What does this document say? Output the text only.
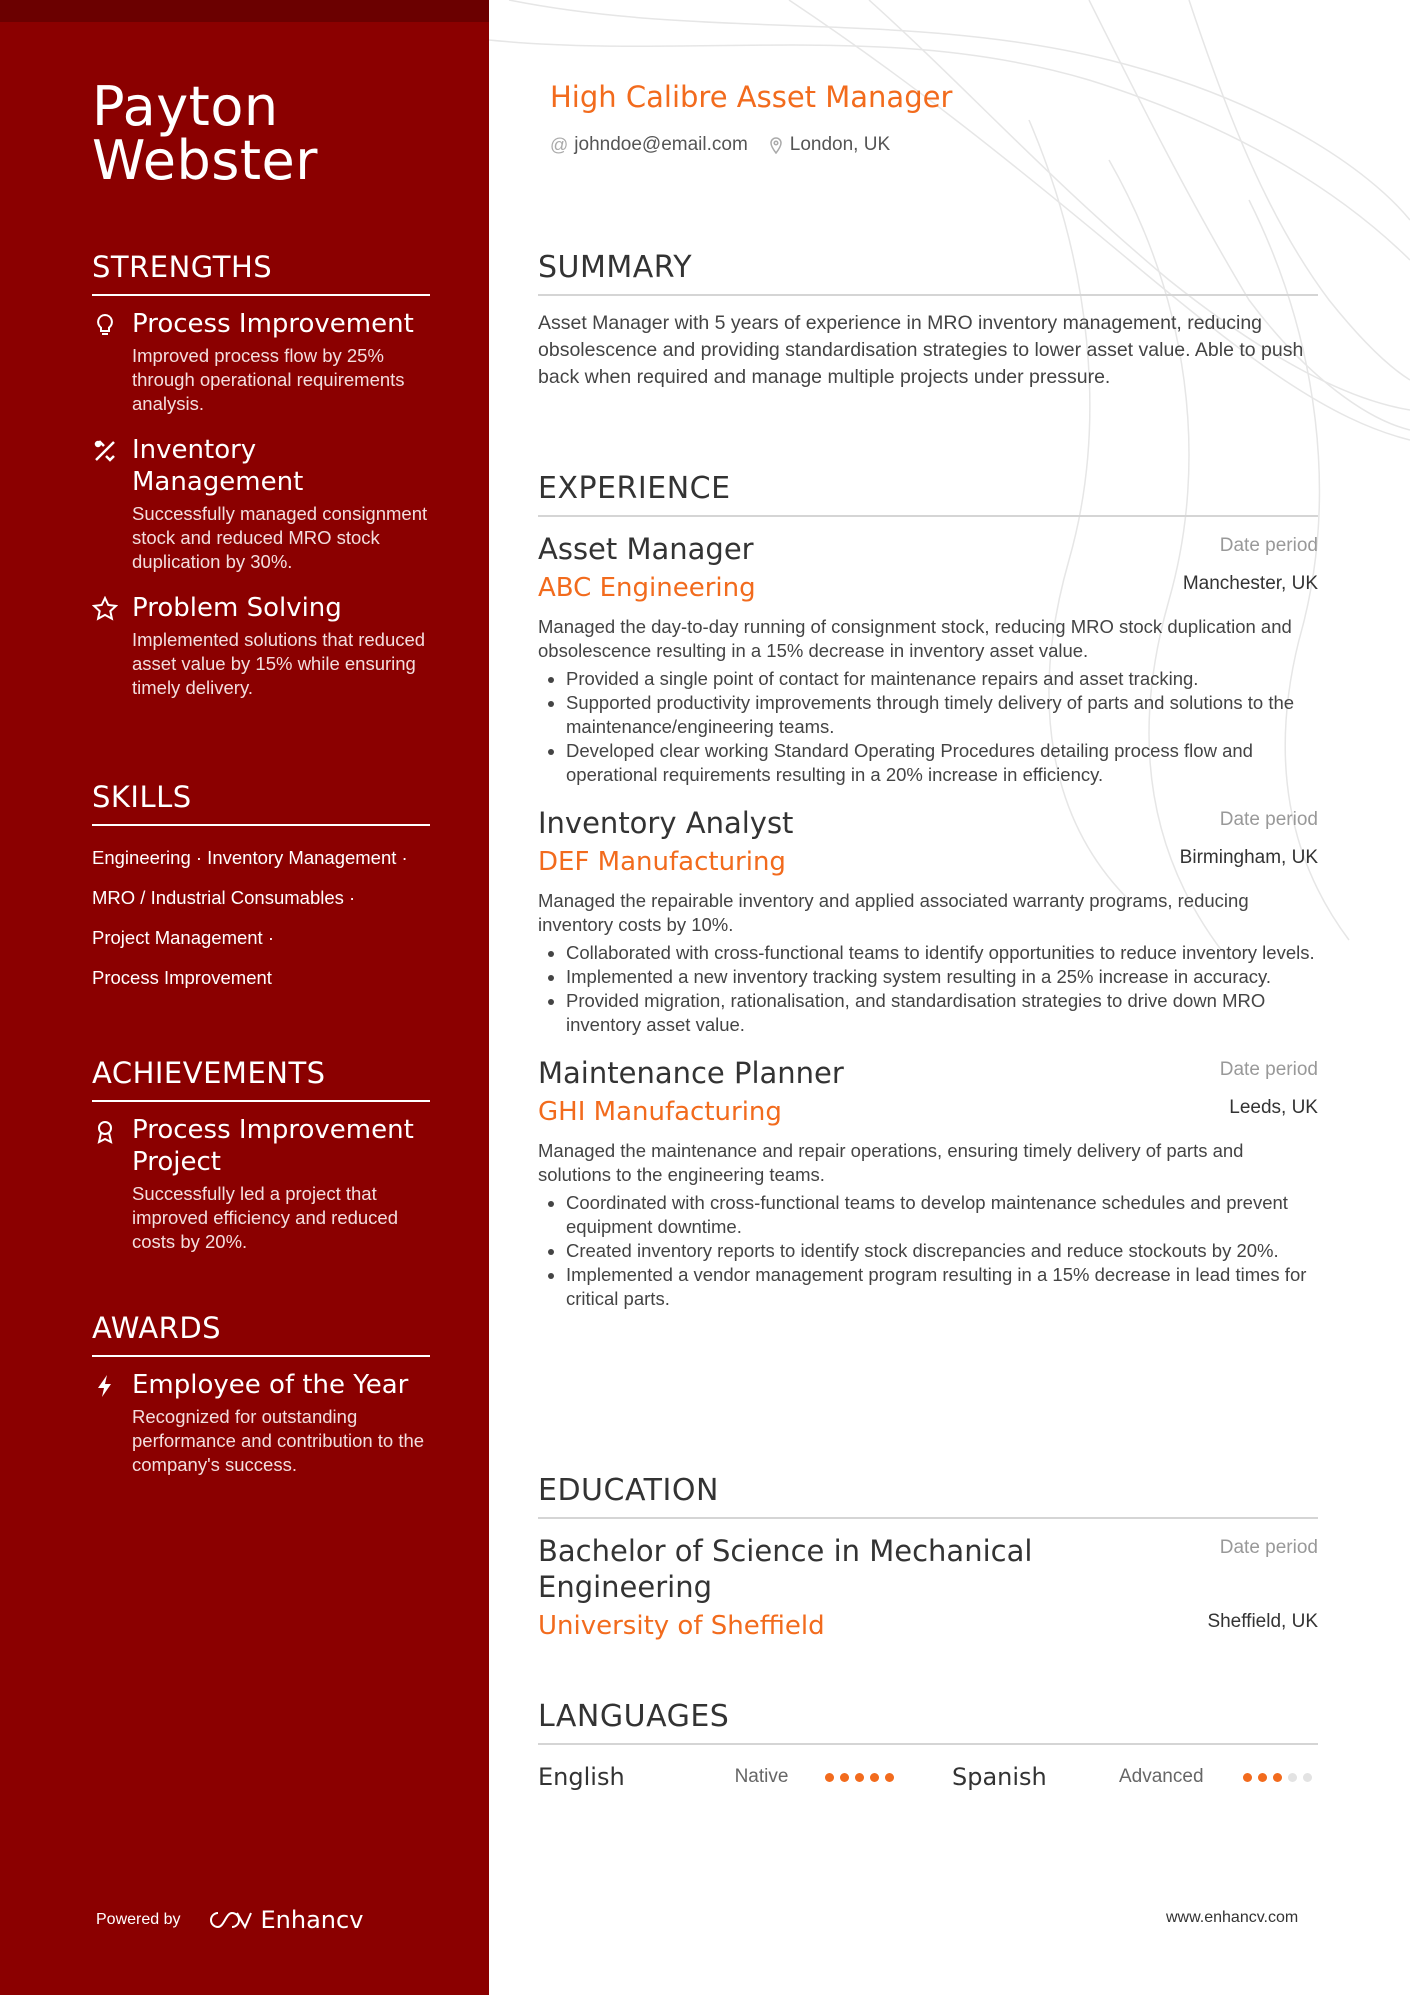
Payton
Webster
STRENGTHS
Process Improvement
Improved process flow by 25% through operational requirements analysis.
Inventory Management
Successfully managed consignment stock and reduced MRO stock duplication by 30%.
Problem Solving
Implemented solutions that reduced asset value by 15% while ensuring timely delivery.
SKILLS
Engineering · Inventory Management ·
MRO / Industrial Consumables ·
Project Management ·
Process Improvement
ACHIEVEMENTS
Process Improvement Project
Successfully led a project that improved efficiency and reduced costs by 20%.
AWARDS
Employee of the Year
Recognized for outstanding performance and contribution to the company's success.
Powered by	Enhancv
High Calibre Asset Manager
@ johndoe@email.com London, UK
SUMMARY
Asset Manager with 5 years of experience in MRO inventory management, reducing obsolescence and providing standardisation strategies to lower asset value. Able to push back when required and manage multiple projects under pressure.
EXPERIENCE
Asset Manager	Date period
ABC Engineering	Manchester, UK
Managed the day-to-day running of consignment stock, reducing MRO stock duplication and obsolescence resulting in a 15% decrease in inventory asset value.
• Provided a single point of contact for maintenance repairs and asset tracking.
• Supported productivity improvements through timely delivery of parts and solutions to the maintenance/engineering teams.
• Developed clear working Standard Operating Procedures detailing process flow and operational requirements resulting in a 20% increase in efficiency.
Inventory Analyst	Date period
DEF Manufacturing	Birmingham, UK
Managed the repairable inventory and applied associated warranty programs, reducing inventory costs by 10%.
• Collaborated with cross-functional teams to identify opportunities to reduce inventory levels.
• Implemented a new inventory tracking system resulting in a 25% increase in accuracy.
• Provided migration, rationalisation, and standardisation strategies to drive down MRO inventory asset value.
Maintenance Planner	Date period
GHI Manufacturing	Leeds, UK
Managed the maintenance and repair operations, ensuring timely delivery of parts and solutions to the engineering teams.
• Coordinated with cross-functional teams to develop maintenance schedules and prevent equipment downtime.
• Created inventory reports to identify stock discrepancies and reduce stockouts by 20%.
• Implemented a vendor management program resulting in a 15% decrease in lead times for critical parts.
EDUCATION
Bachelor of Science in Mechanical Engineering
Date period
University of Sheffield	Sheffield, UK
LANGUAGES
English	Native	Spanish	Advanced
www.enhancv.com
